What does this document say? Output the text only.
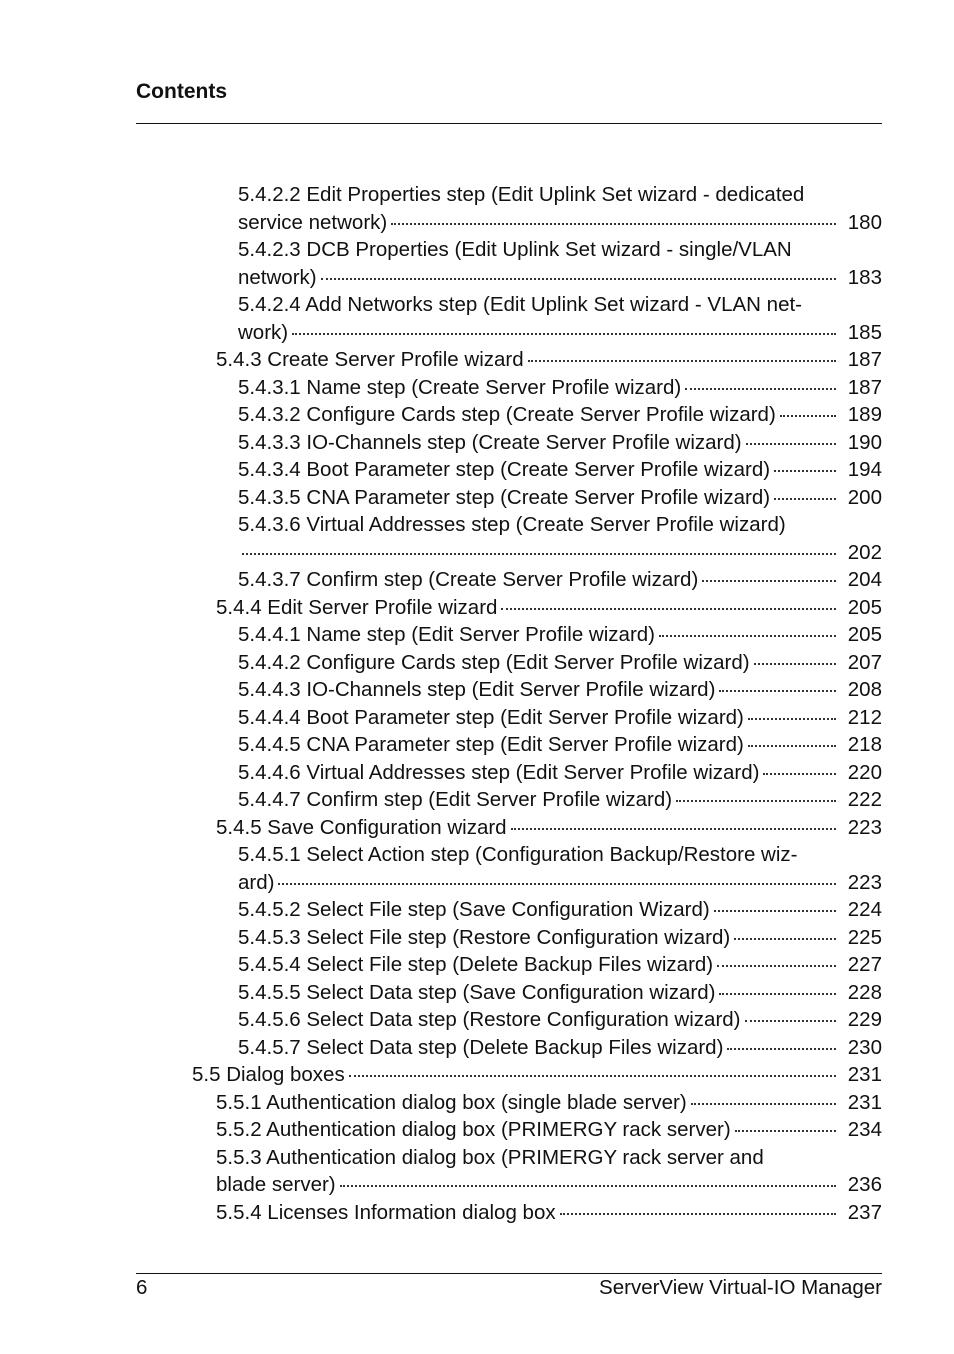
Contents
5.4.2.2 Edit Properties step (Edit Uplink Set wizard - dedicated
service network)	180
5.4.2.3 DCB Properties (Edit Uplink Set wizard - single/VLAN
network)	183
5.4.2.4 Add Networks step (Edit Uplink Set wizard - VLAN net-
work)	185
5.4.3 Create Server Profile wizard	187
5.4.3.1 Name step (Create Server Profile wizard)	187
5.4.3.2 Configure Cards step (Create Server Profile wizard)	189
5.4.3.3 IO-Channels step (Create Server Profile wizard)	190
5.4.3.4 Boot Parameter step (Create Server Profile wizard)	194
5.4.3.5 CNA Parameter step (Create Server Profile wizard)	200
5.4.3.6 Virtual Addresses step (Create Server Profile wizard)
202
5.4.3.7 Confirm step (Create Server Profile wizard)	204
5.4.4 Edit Server Profile wizard	205
5.4.4.1 Name step (Edit Server Profile wizard)	205
5.4.4.2 Configure Cards step (Edit Server Profile wizard)	207
5.4.4.3 IO-Channels step (Edit Server Profile wizard)	208
5.4.4.4 Boot Parameter step (Edit Server Profile wizard)	212
5.4.4.5 CNA Parameter step (Edit Server Profile wizard)	218
5.4.4.6 Virtual Addresses step (Edit Server Profile wizard)	220
5.4.4.7 Confirm step (Edit Server Profile wizard)	222
5.4.5 Save Configuration wizard	223
5.4.5.1 Select Action step (Configuration Backup/Restore wiz-
ard)	223
5.4.5.2 Select File step (Save Configuration Wizard)	224
5.4.5.3 Select File step (Restore Configuration wizard)	225
5.4.5.4 Select File step (Delete Backup Files wizard)	227
5.4.5.5 Select Data step (Save Configuration wizard)	228
5.4.5.6 Select Data step (Restore Configuration wizard)	229
5.4.5.7 Select Data step (Delete Backup Files wizard)	230
5.5 Dialog boxes	231
5.5.1 Authentication dialog box (single blade server)	231
5.5.2 Authentication dialog box (PRIMERGY rack server)	234
5.5.3 Authentication dialog box (PRIMERGY rack server and
blade server)	236
5.5.4 Licenses Information dialog box	237
6	ServerView Virtual-IO Manager
